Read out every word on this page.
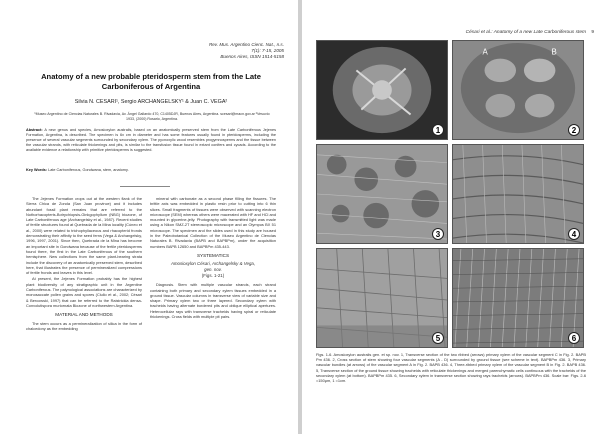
Rev. Mus. Argentino Cienc. Nat., n.s.
7(1): 7-15, 2005
Buenos Aires, ISSN 1514-5158
Anatomy of a new probable pteridosperm stem from the Late Carboniferous of Argentina
Silvia N. CESARI¹, Sergio ARCHANGELSKY¹ & Juan C. VEGA²
¹Museo Argentino de Ciencias Naturales B. Rivadavia, Av. Ángel Gallardo 470, C1405DJR, Buenos Aires, Argentina. scesari@macn.gov.ar ²Vesuvio 1933, (2000) Rosario, Argentina.
Abstract: A new genus and species, Amosioxylon australis, based on an anatomically preserved stem from the Late Carboniferous Jejenes Formation, Argentina, is described. The specimen is 6x cm in diameter and has some features usually found in pteridosperms, including the presence of several vascular segments surrounded by secondary xylem. The pycnoxylic wood resembles progymnosperms and the tissue between the vascular strands, with reticulate thickenings and pits, is similar to the transfusion tissue found in extant conifers and cycads. According to the available evidence a relationship with primitive pteridosperms is suggested.
Key Words: Late Carboniferous, Gondwana, stem, anatomy.

The Jejenes Formation crops out at the western flank of the Sierra Chica de Zonda (San Juan province) and it includes abundant fossil plant remains that are referred to the Nothorhacopteris-Botrychiopsis-Ginkgophyllum (NBG) biozone, of Late Carboniferous age (Archangelsky et al., 1987). Recent studies of fertile structures found at Quebrada de la Mina locality (Cúneo et al., 2000) were related to trichophyllaceous and rhacopterid fronds demonstrating their affinity to the seed ferns (Vega & Archangelsky, 1996, 1997, 2001). Since then, Quebrada de la Mina has become an important site in Gondwana because of the fertile pteridosperms found there, the first in the Late Carboniferous of the southern hemisphere. New collections from the same plant-bearing strata include the discovery of an anatomically preserved stem, described here, that illustrates the presence of permineralized compressions of fertile fronds and leaves in this level.

At present, the Jejenes Formation probably has the highest plant biodiversity of any stratigraphic unit in the Argentine Carboniferous. The palynological associations are characterized by monosaccate pollen grains and spores (Ciullo et al., 2002; Césari & Bercowski, 1997) that can be referred to the Raistrickia densa-Convolutispora muriornata Biozone of northwestern Argentina.

MATERIAL AND METHODS

The stem occurs as a permineralization of silica in the form of chalcedony as the embedding

mineral with carbonate as a second phase filling the fissures. The brittle axis was embedded in plastic resin prior to cutting into 6 thin slices. Small fragments of tissues were observed with scanning electron microscope (SEM) whereas others were macerated with HF and HCl and mounted in glycerine-jelly. Photography with transmitted light was made using a Nikon SMZ-2T stereoscopic microscope and an Olympus BX 51 microscope. The specimen and the slides used in this study are housed in the Paleobotanical Collection of the Museo Argentino de Ciencias Naturales B. Rivadavia (BAPB and BAPBPm), under the acquisition numbers BAPB 12650 and BAPBPm 435-443.

SYSTEMATICS

Amosioxylon Césari, Archangelsky & Vega,
gen. nov.
(Figs. 1-21)

Diagnosis. Stem with multiple vascular strands, each strand containing both primary and secondary xylem tissues embedded in a ground tissue. Vascular columns in transverse view of variable size and shape. Primary xylem two or three layered. Secondary xylem with tracheids having alternate bordered pits and oblique elliptical apertures. Heterocellular rays with transverse tracheids having spiral or reticulate thickenings. Cross fields with multiple pit pairs.

Césari et al.: Anatomy of a new Late Carboniferous stem 9
1
A	B
2
3	4
5	6
Figs. 1-6. Amosioxylon australis gen. et sp. nov. 1, Transverse section of the two ribbed (arrows) primary xylem of the vascular segment C in Fig. 2. BAPB Pm 436. 2, Cross section of stem showing four vascular segments (A - D) surrounded by ground tissue (see scheme in text). BAPBPm 436. 3, Primary vascular bundles (at arrows) of the vascular segment A in Fig. 2. BAPB 436. 4, Three-ribbed primary xylem of the vascular segment B in Fig. 2. BAPB 436. 5, Transverse section of the ground tissue showing tracheids with reticulate thickenings and merged parenchymatic cells continuous with the tracheids of the secondary xylem (at bottom). BAPBPm 435. 6, Secondary xylem in transverse section showing rays tracheids (arrows). BAPBPm 436. Scale bar: Figs. 2-6 =150μm, 1 =1cm.
